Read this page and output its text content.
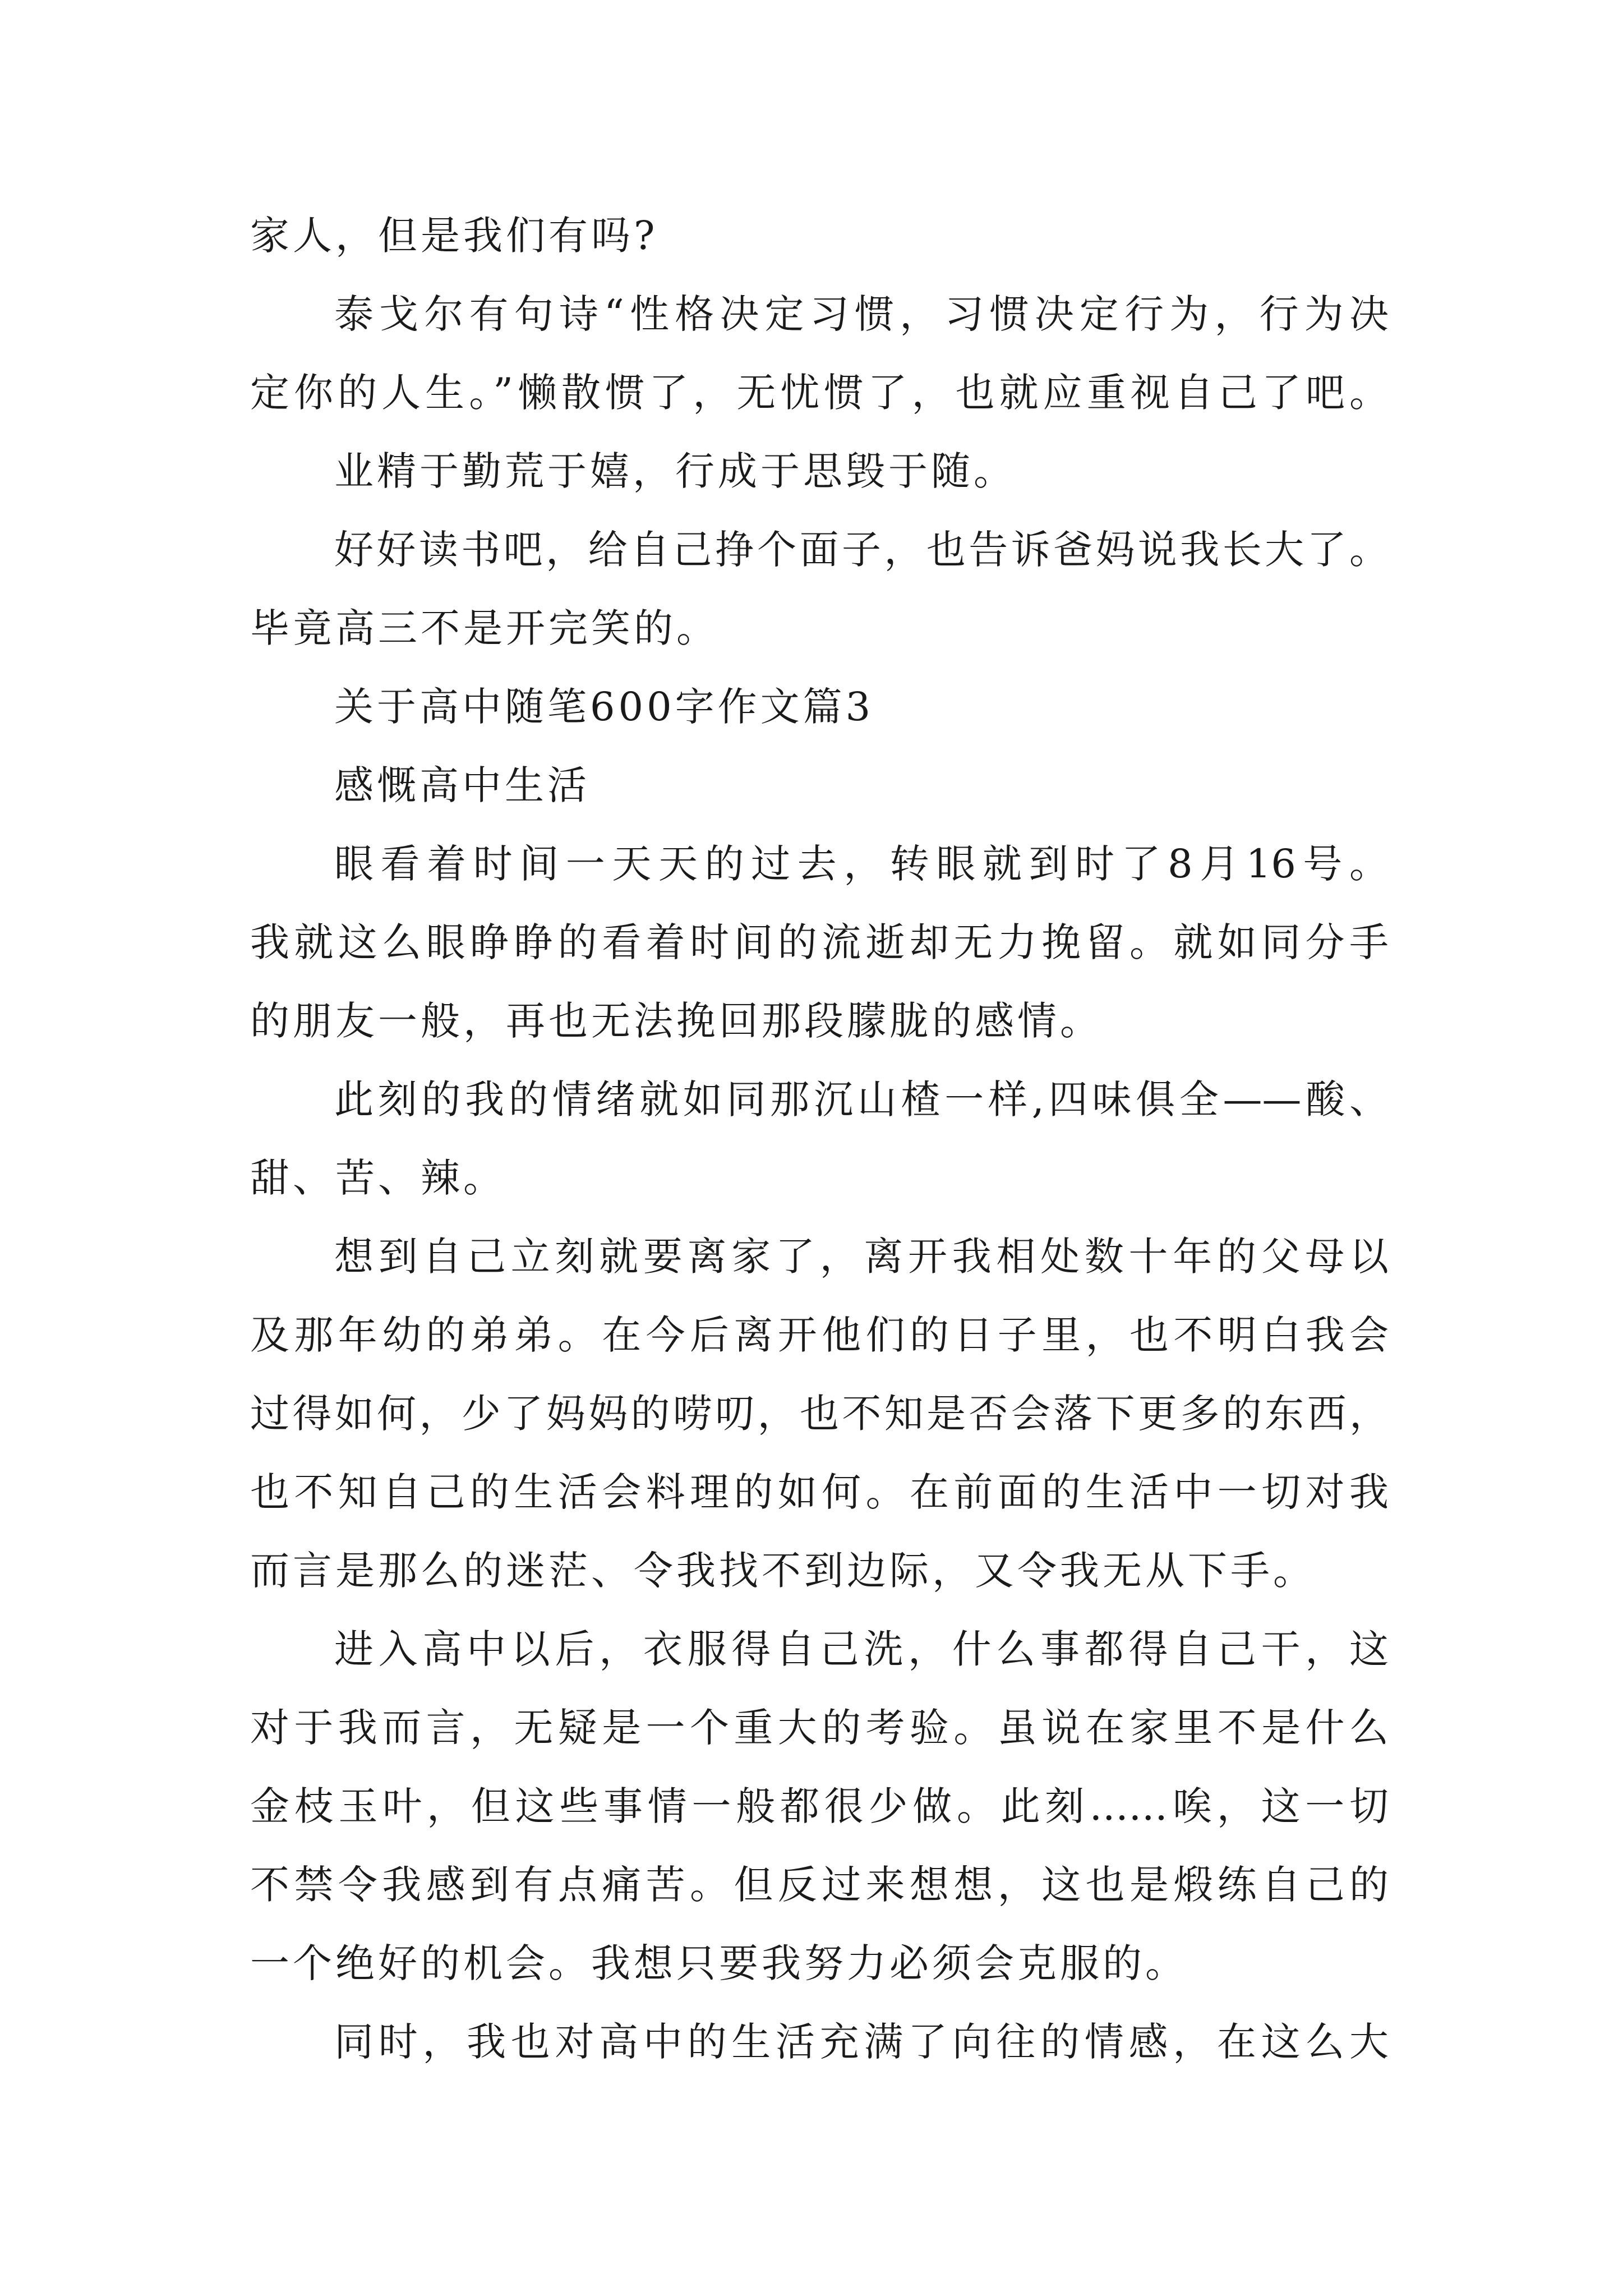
家人，但是我们有吗?
泰戈尔有句诗“性格决定习惯，习惯决定行为，行为决
定你的人生。”懒散惯了，无忧惯了，也就应重视自己了吧。
业精于勤荒于嬉，行成于思毁于随。
好好读书吧，给自己挣个面子，也告诉爸妈说我长大了。
毕竟高三不是开完笑的。
关于高中随笔600字作文篇3
感慨高中生活
眼看着时间一天天的过去，转眼就到时了8月16号。
我就这么眼睁睁的看着时间的流逝却无力挽留。就如同分手
的朋友一般，再也无法挽回那段朦胧的感情。
此刻的我的情绪就如同那沉山楂一样,四味俱全——酸、
甜、苦、辣。
想到自己立刻就要离家了，离开我相处数十年的父母以
及那年幼的弟弟。在今后离开他们的日子里，也不明白我会
过得如何，少了妈妈的唠叨，也不知是否会落下更多的东西，
也不知自己的生活会料理的如何。在前面的生活中一切对我
而言是那么的迷茫、令我找不到边际，又令我无从下手。
进入高中以后，衣服得自己洗，什么事都得自己干，这
对于我而言，无疑是一个重大的考验。虽说在家里不是什么
金枝玉叶，但这些事情一般都很少做。此刻……唉，这一切
不禁令我感到有点痛苦。但反过来想想，这也是煅练自己的
一个绝好的机会。我想只要我努力必须会克服的。
同时，我也对高中的生活充满了向往的情感，在这么大
